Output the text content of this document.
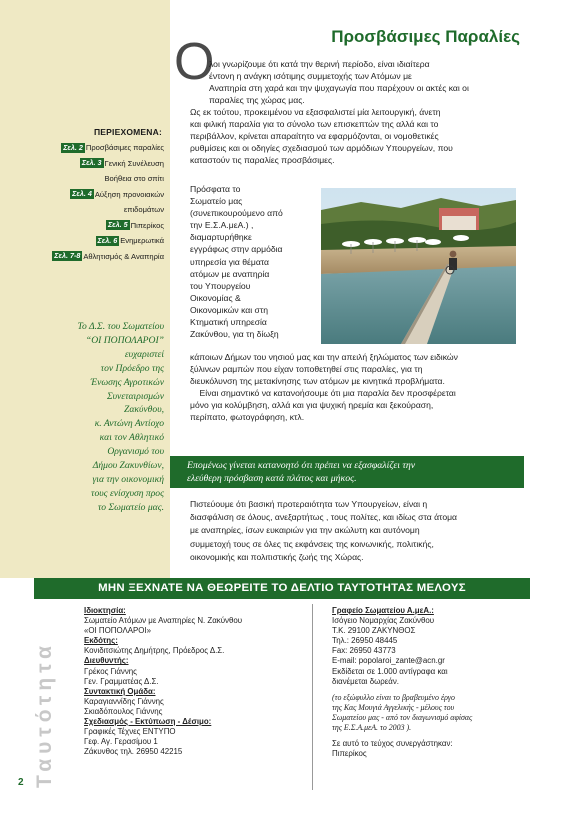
ΠΕΡΙΕΧΟΜΕΝΑ:
Σελ. 2 Προσβάσιμες παραλίες
Σελ. 3 Γενική Συνέλευση
Βοήθεια στο σπίτι
Σελ. 4 Αύξηση προνοιακών
επιδομάτων
Σελ. 5 Πιπερίκος
Σελ. 6 Ενημερωτικά
Σελ. 7-8 Αθλητισμός & Αναπηρία
Το Δ.Σ. του Σωματείου
“ΟΙ ΠΟΠΟΛΑΡΟΙ”
ευχαριστεί
τον Πρόεδρο της
Ένωσης Αγροτικών
Συνεταιρισμών
Ζακύνθου,
κ. Αντώνη Αντίοχο
και τον Αθλητικό
Οργανισμό του
Δήμου Ζακυνθίων,
για την οικονομική
τους ενίσχυση προς
το Σωματείο μας.
Προσβάσιμες Παραλίες
Ο
λοι γνωρίζουμε ότι κατά την θερινή περίοδο, είναι ιδιαίτερα
έντονη η ανάγκη ισότιμης συμμετοχής των Ατόμων με
Αναπηρία στη χαρά και την ψυχαγωγία που παρέχουν οι ακτές και οι
παραλίες της χώρας μας.
Ως εκ τούτου, προκειμένου να εξασφαλιστεί μία λειτουργική, άνετη
και φιλική παραλία για το σύνολο των επισκεπτών της αλλά και το
περιβάλλον, κρίνεται απαραίτητο να εφαρμόζονται, οι νομοθετικές
ρυθμίσεις και οι οδηγίες σχεδιασμού των αρμόδιων Υπουργείων, που
καταστούν τις παραλίες προσβάσιμες.
Πρόσφατα το
Σωματείο μας
(συνεπικουρούμενο από
την Ε.Σ.Α.μεΑ.) ,
διαμαρτυρήθηκε
εγγράφως στην αρμόδια
υπηρεσία για θέματα
ατόμων με αναπηρία
του Υπουργείου
Οικονομίας &
Οικονομικών και στη
Κτηματική υπηρεσία
Ζακύνθου, για τη δίωξη
κάποιων Δήμων του νησιού μας και την απειλή ξηλώματος των ειδικών
ξύλινων ραμπών που είχαν τοποθετηθεί στις παραλίες, για τη
διευκόλυνση της μετακίνησης των ατόμων με κινητικά προβλήματα.
Είναι σημαντικό να κατανοήσουμε ότι μια παραλία δεν προσφέρεται
μόνο για κολύμβηση, αλλά και για ψυχική ηρεμία και ξεκούραση,
περίπατο, φωτογράφηση, κτλ.
Επομένως γίνεται κατανοητό ότι πρέπει να εξασφαλίζει την
ελεύθερη πρόσβαση κατά πλάτος και μήκος.
Πιστεύουμε ότι βασική προτεραιότητα των Υπουργείων, είναι η
διασφάλιση σε όλους, ανεξαρτήτως , τους πολίτες, και ιδίως στα άτομα
με αναπηρίες, ίσων ευκαιριών για την ακώλυτη και αυτόνομη
συμμετοχή τους σε όλες τις εκφάνσεις της κοινωνικής, πολιτικής,
οικονομικής και πολιτιστικής ζωής της Χώρας.
ΜΗΝ ΞΕΧΝΑΤΕ ΝΑ ΘΕΩΡΕΙΤΕ ΤΟ ΔΕΛΤΙΟ ΤΑΥΤΟΤΗΤΑΣ ΜΕΛΟΥΣ
Ταυτότητα
Ιδιοκτησία:
Σωματείο Ατόμων με Αναπηρίες Ν. Ζακύνθου
«ΟΙ ΠΟΠΟΛΑΡΟΙ»
Εκδότης:
Κονιδιτσιώτης Δημήτρης, Πρόεδρος Δ.Σ.
Διευθυντής:
Γρέκος Γιάννης
Γεν. Γραμματέας Δ.Σ.
Συντακτική Ομάδα:
Καραγιαννίδης Γιάννης
Σκιαδόπουλος Γιάννης
Σχεδιασμός - Εκτύπωση - Δέσιμο:
Γραφικές Τέχνες ΕΝΤΥΠΟ
Γεφ. Αγ. Γερασίμου 1
Ζάκυνθος τηλ. 26950 42215
Γραφείο Σωματείου Α.μεΑ.:
Ισόγειο Νομαρχίας Ζακύνθου
Τ.Κ. 29100 ΖΑΚΥΝΘΟΣ
Τηλ.: 26950 48445
Fax: 26950 43773
E-mail: popolaroi_zante@acn.gr
Εκδίδεται σε 1.000 αντίγραφα και
διανέμεται δωρεάν.
(το εξώφυλλο είναι το βραβευμένο έργο
της Κας Μουγιά Αγγελικής - μέλους του
Σωματείου μας - από τον διαγωνισμό αφίσας
της Ε.Σ.Α.μεΑ. το 2003 ).
Σε αυτό το τεύχος συνεργάστηκαν:
Πιπερίκος
2
